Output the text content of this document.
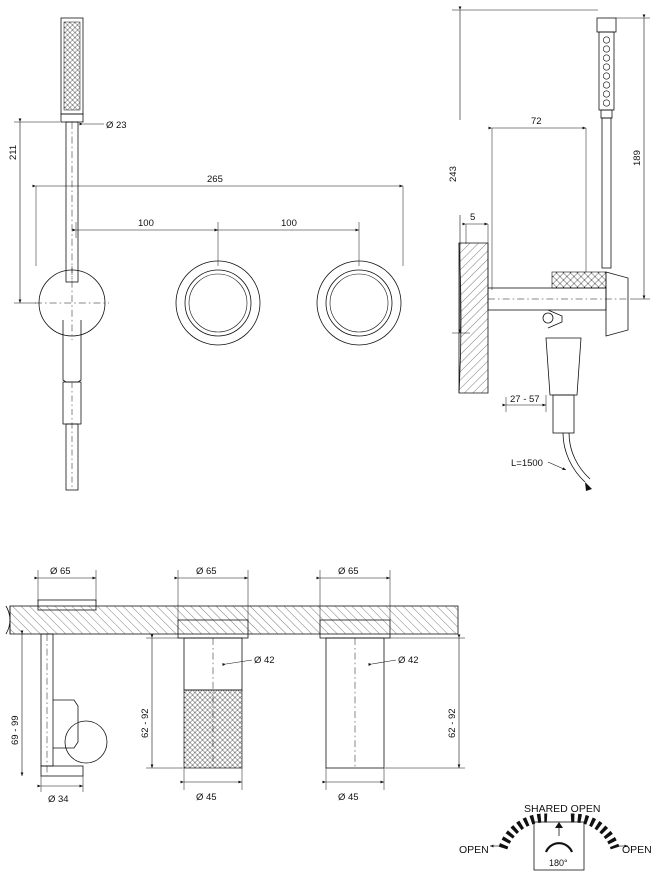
Ø 23
211
265
100	100
72
189
243
5
27 - 57
L=1500
Ø 65	Ø 65	Ø 65
Ø 42	Ø 42
Ø 34	Ø 45	Ø 45
69 - 99	62 - 92	62 - 92
SHARED OPEN
OPEN	OPEN
180°
